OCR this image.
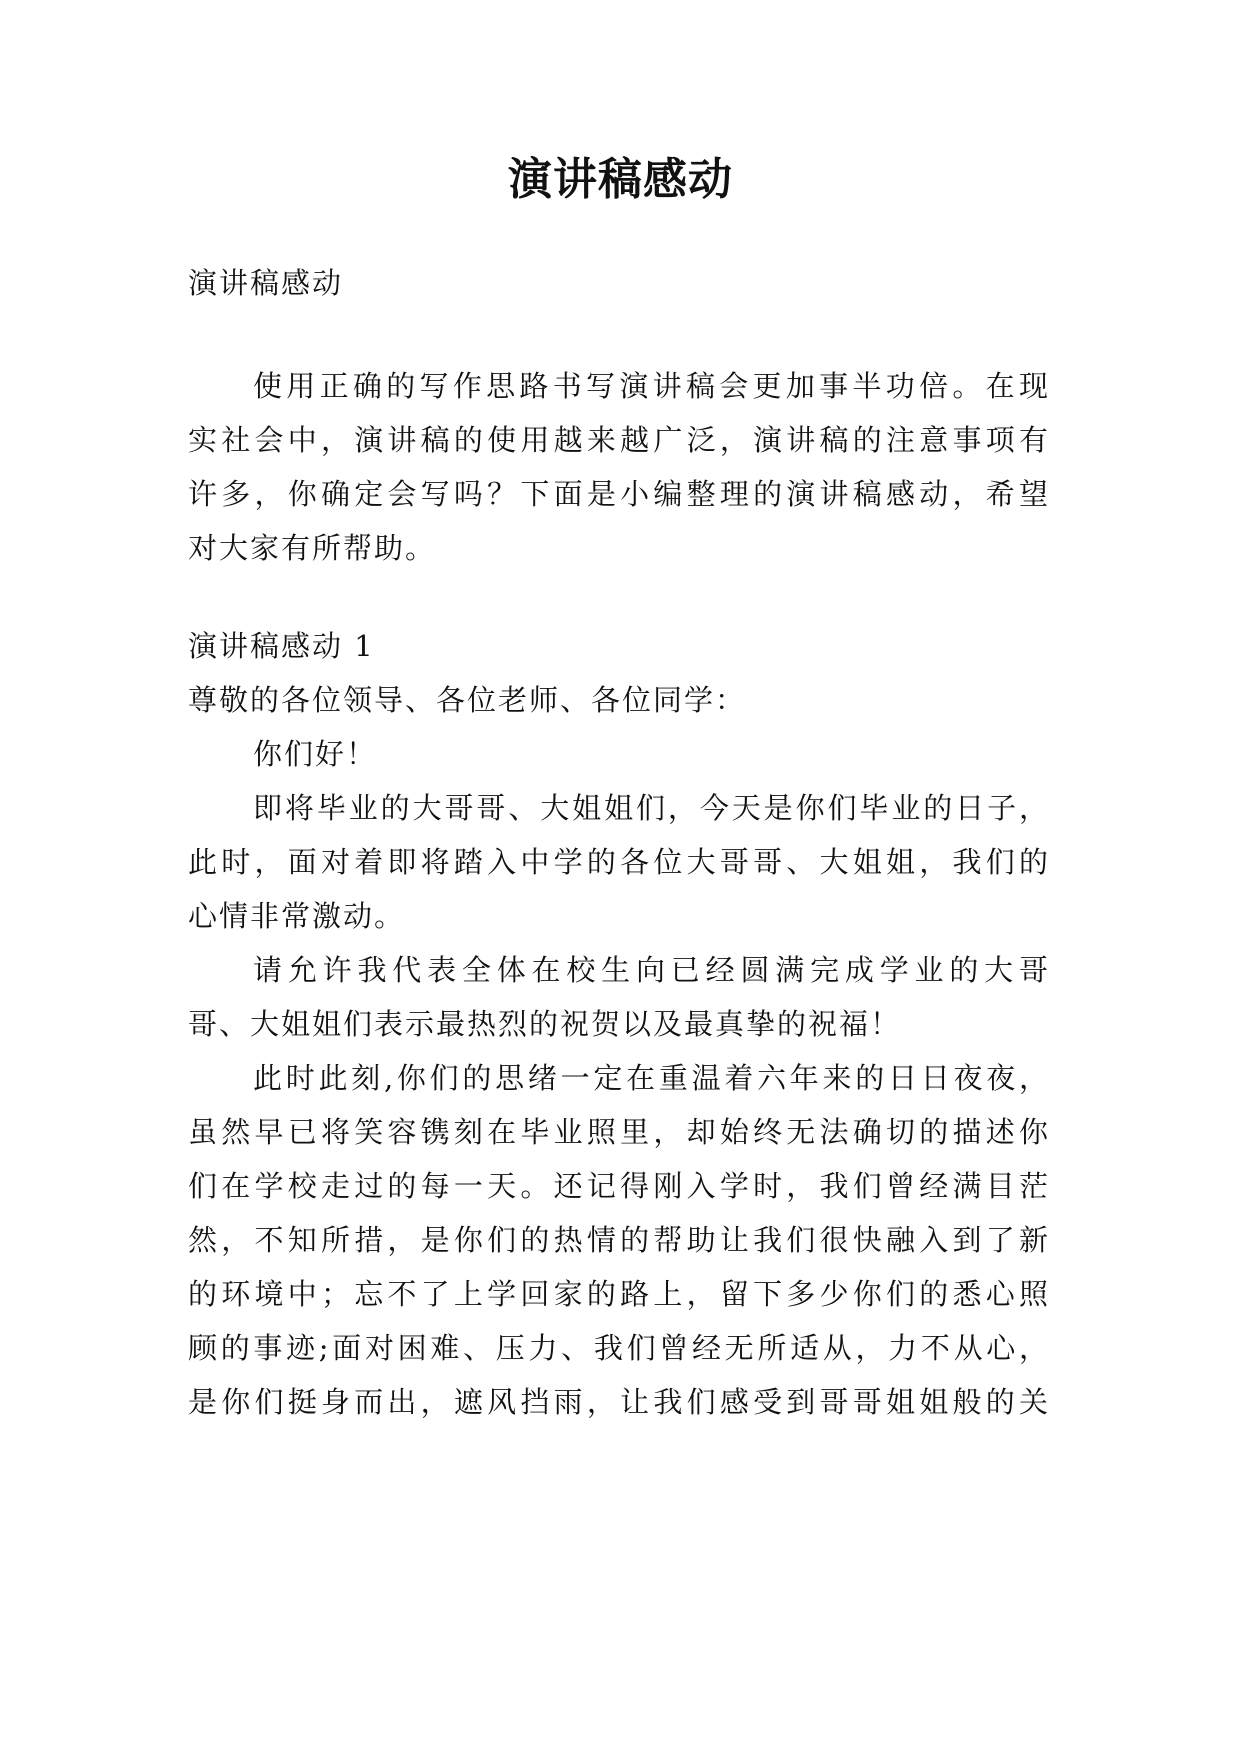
演讲稿感动
演讲稿感动
使用正确的写作思路书写演讲稿会更加事半功倍。在现
实社会中，演讲稿的使用越来越广泛，演讲稿的注意事项有
许多，你确定会写吗？下面是小编整理的演讲稿感动，希望
对大家有所帮助。
演讲稿感动 1
尊敬的各位领导、各位老师、各位同学：
你们好！
即将毕业的大哥哥、大姐姐们，今天是你们毕业的日子，
此时，面对着即将踏入中学的各位大哥哥、大姐姐，我们的
心情非常激动。
请允许我代表全体在校生向已经圆满完成学业的大哥
哥、大姐姐们表示最热烈的祝贺以及最真挚的祝福！
此时此刻,你们的思绪一定在重温着六年来的日日夜夜，
虽然早已将笑容镌刻在毕业照里，却始终无法确切的描述你
们在学校走过的每一天。还记得刚入学时，我们曾经满目茫
然，不知所措，是你们的热情的帮助让我们很快融入到了新
的环境中；忘不了上学回家的路上，留下多少你们的悉心照
顾的事迹;面对困难、压力、我们曾经无所适从，力不从心，
是你们挺身而出，遮风挡雨，让我们感受到哥哥姐姐般的关
